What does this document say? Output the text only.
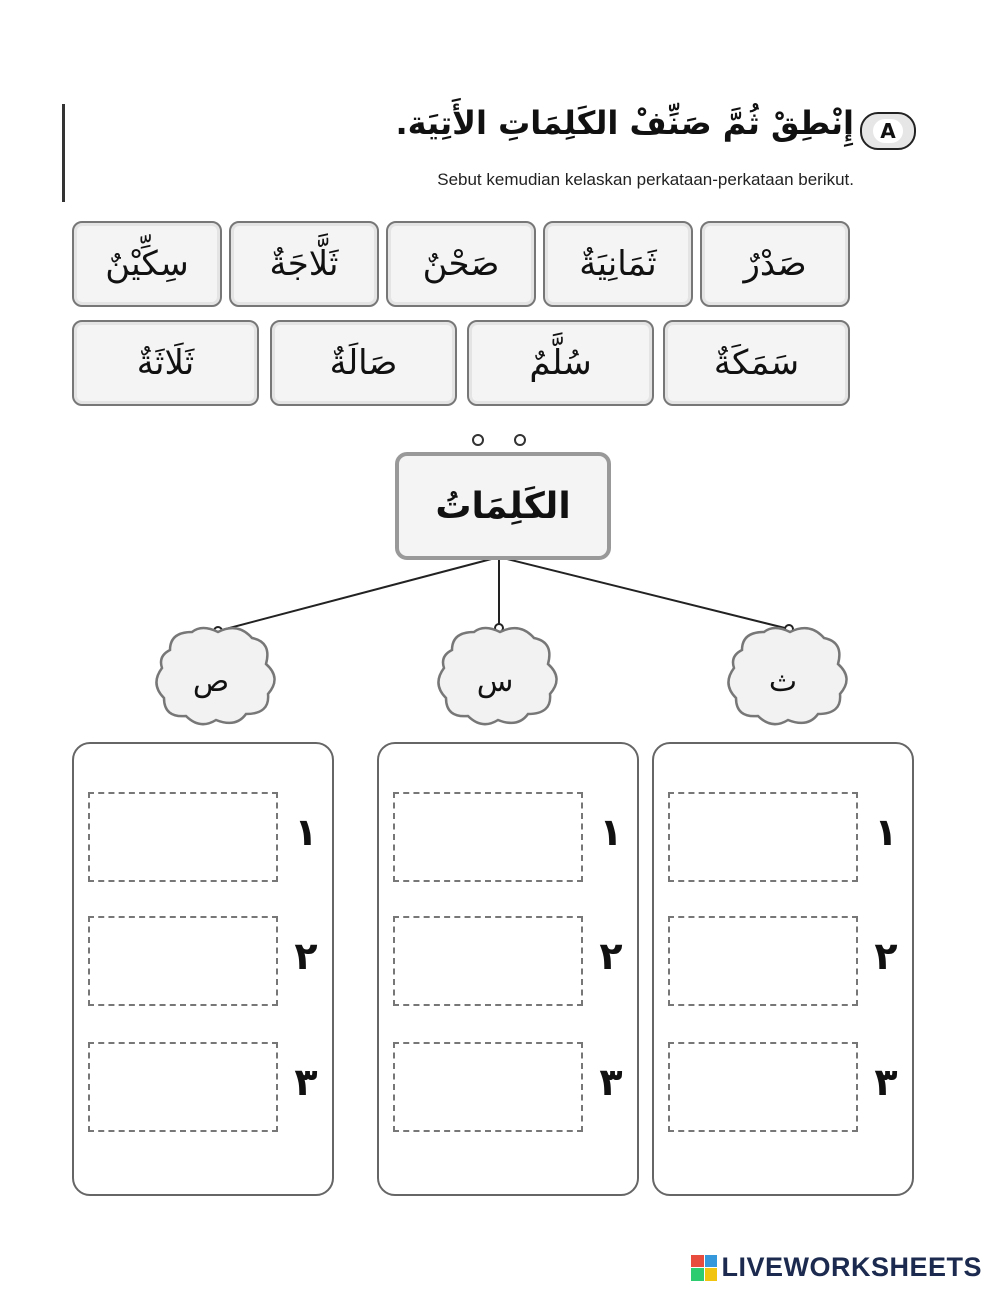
A
إِنْطِقْ ثُمَّ صَنِّفْ الكَلِمَاتِ الأَتِيَة.
Sebut kemudian kelaskan perkataan-perkataan berikut.
صَدْرٌ
ثَمَانِيَةٌ
صَحْنٌ
ثَلَّاجَةٌ
سِكِّيْنٌ
سَمَكَةٌ
سُلَّمٌ
صَالَةٌ
ثَلَاثَةٌ
الكَلِمَاتُ
ث
س
ص
١
٢
٣
١
٢
٣
١
٢
٣
LIVEWORKSHEETS
